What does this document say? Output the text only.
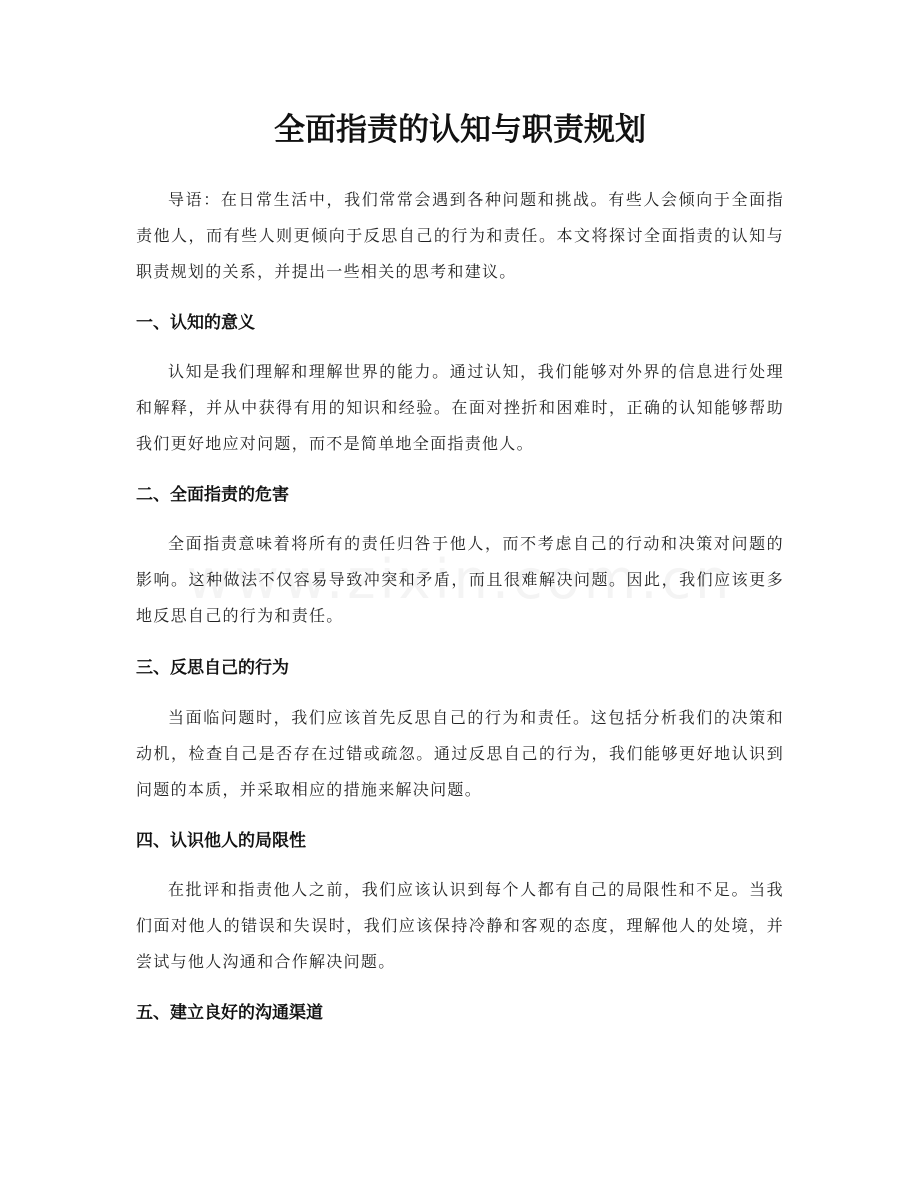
全面指责的认知与职责规划

导语：在日常生活中，我们常常会遇到各种问题和挑战。有些人会倾向于全面指责他人，而有些人则更倾向于反思自己的行为和责任。本文将探讨全面指责的认知与职责规划的关系，并提出一些相关的思考和建议。

一、认知的意义

认知是我们理解和理解世界的能力。通过认知，我们能够对外界的信息进行处理和解释，并从中获得有用的知识和经验。在面对挫折和困难时，正确的认知能够帮助我们更好地应对问题，而不是简单地全面指责他人。

二、全面指责的危害

全面指责意味着将所有的责任归咎于他人，而不考虑自己的行动和决策对问题的影响。这种做法不仅容易导致冲突和矛盾，而且很难解决问题。因此，我们应该更多地反思自己的行为和责任。

三、反思自己的行为

当面临问题时，我们应该首先反思自己的行为和责任。这包括分析我们的决策和动机，检查自己是否存在过错或疏忽。通过反思自己的行为，我们能够更好地认识到问题的本质，并采取相应的措施来解决问题。

四、认识他人的局限性

在批评和指责他人之前，我们应该认识到每个人都有自己的局限性和不足。当我们面对他人的错误和失误时，我们应该保持冷静和客观的态度，理解他人的处境，并尝试与他人沟通和合作解决问题。

五、建立良好的沟通渠道
